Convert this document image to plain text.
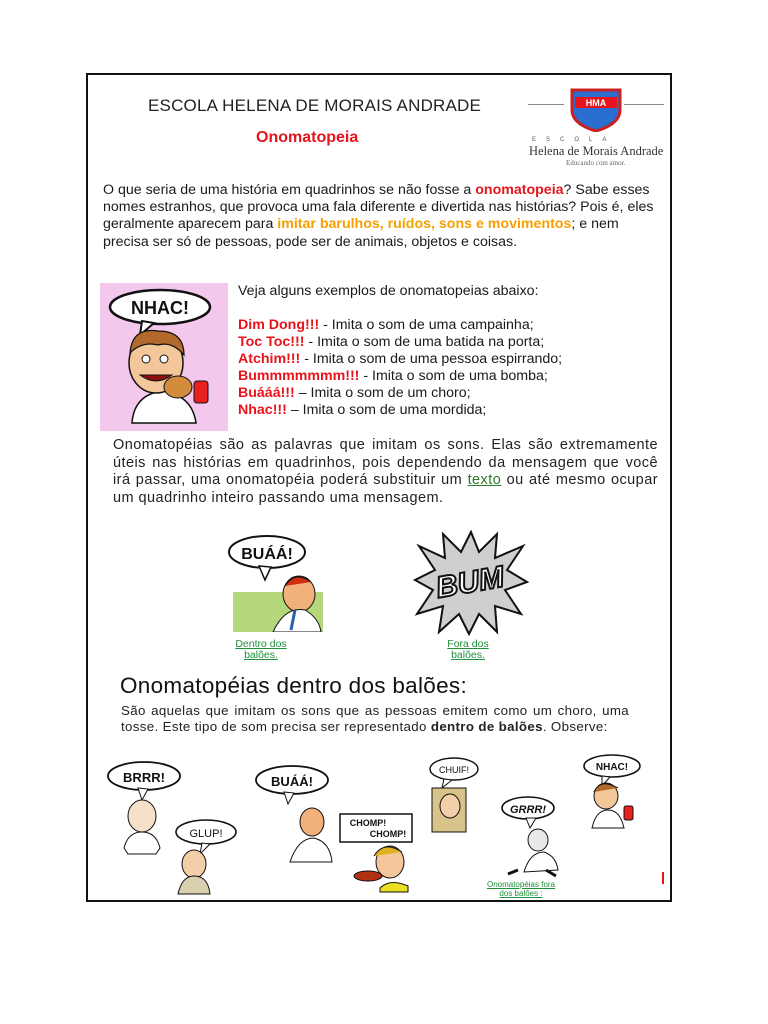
ESCOLA HELENA DE MORAIS ANDRADE
Onomatopeia
HMA
ESCOLA
Helena de Morais Andrade
Educando com amor.
O que seria de uma história em quadrinhos se não fosse a onomatopeia? Sabe esses nomes estranhos, que provoca uma fala diferente e divertida nas histórias? Pois é, eles geralmente aparecem para imitar barulhos, ruídos, sons e movimentos; e nem precisa ser só de pessoas, pode ser de animais, objetos e coisas.
NHAC!
Veja alguns exemplos de onomatopeias abaixo:
Dim Dong!!! - Imita o som de uma campainha;
Toc Toc!!! - Imita o som de uma batida na porta;
Atchim!!! - Imita o som de uma pessoa espirrando;
Bummmmmmm!!! - Imita o som de uma bomba;
Buááá!!! – Imita o som de um choro;
Nhac!!! – Imita o som de uma mordida;
Onomatopéias são as palavras que imitam os sons. Elas são extremamente úteis nas histórias em quadrinhos, pois dependendo da mensagem que você irá passar, uma onomatopéia poderá substituir um texto ou até mesmo ocupar um quadrinho inteiro passando uma mensagem.
BUÁÁ!
Dentro dos
balões.
BUM
Fora dos
balões.
Onomatopéias dentro dos balões:
São aquelas que imitam os sons que as pessoas emitem como um choro, uma tosse. Este tipo de som precisa ser representado dentro de balões. Observe:
BRRR!
GLUP!
BUÁÁ!
CHOMP!
CHOMP!
CHUIF!
GRRR!
NHAC!
Onomatopéias fora
dos balões :
